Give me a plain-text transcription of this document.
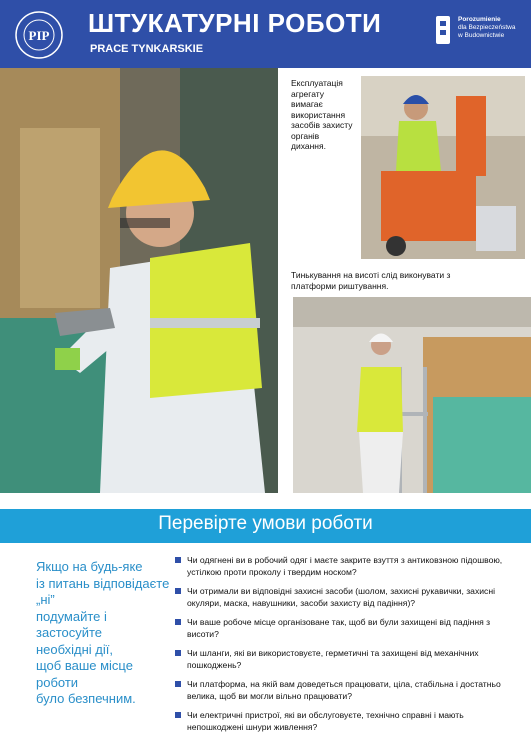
PIP ШТУКАТУРНІ РОБОТИ
PRACE TYNKARSKIE
Porozumienie
dla Bezpieczeństwa
w Budownictwie
Експлуатація агрегату вимагає використання засобів захисту органів дихання.
Тинькування на висоті слід виконувати з платформи риштування.
Перевірте умови роботи
Якщо на будь-яке
із питань відповідаєте „ні”
подумайте і застосуйте
необхідні дії,
щоб ваше місце роботи
було безпечним.
Чи одягнені ви в робочий одяг і маєте закрите взуття з антиковзною підошвою, устілкою проти проколу і твердим носком?
Чи отримали ви відповідні захисні засоби (шолом, захисні рукавички, захисні окуляри, маска, навушники, засоби захисту від падіння)?
Чи ваше робоче місце організоване так, щоб ви були захищені від падіння з висоти?
Чи шланги, які ви використовуєте, герметичні та захищені від механічних пошкоджень?
Чи платформа, на якій вам доведеться працювати, ціла, стабільна і достатньо велика, щоб ви могли вільно працювати?
Чи електричні пристрої, які ви обслуговуєте, технічно справні і мають непошкоджені шнури живлення?
